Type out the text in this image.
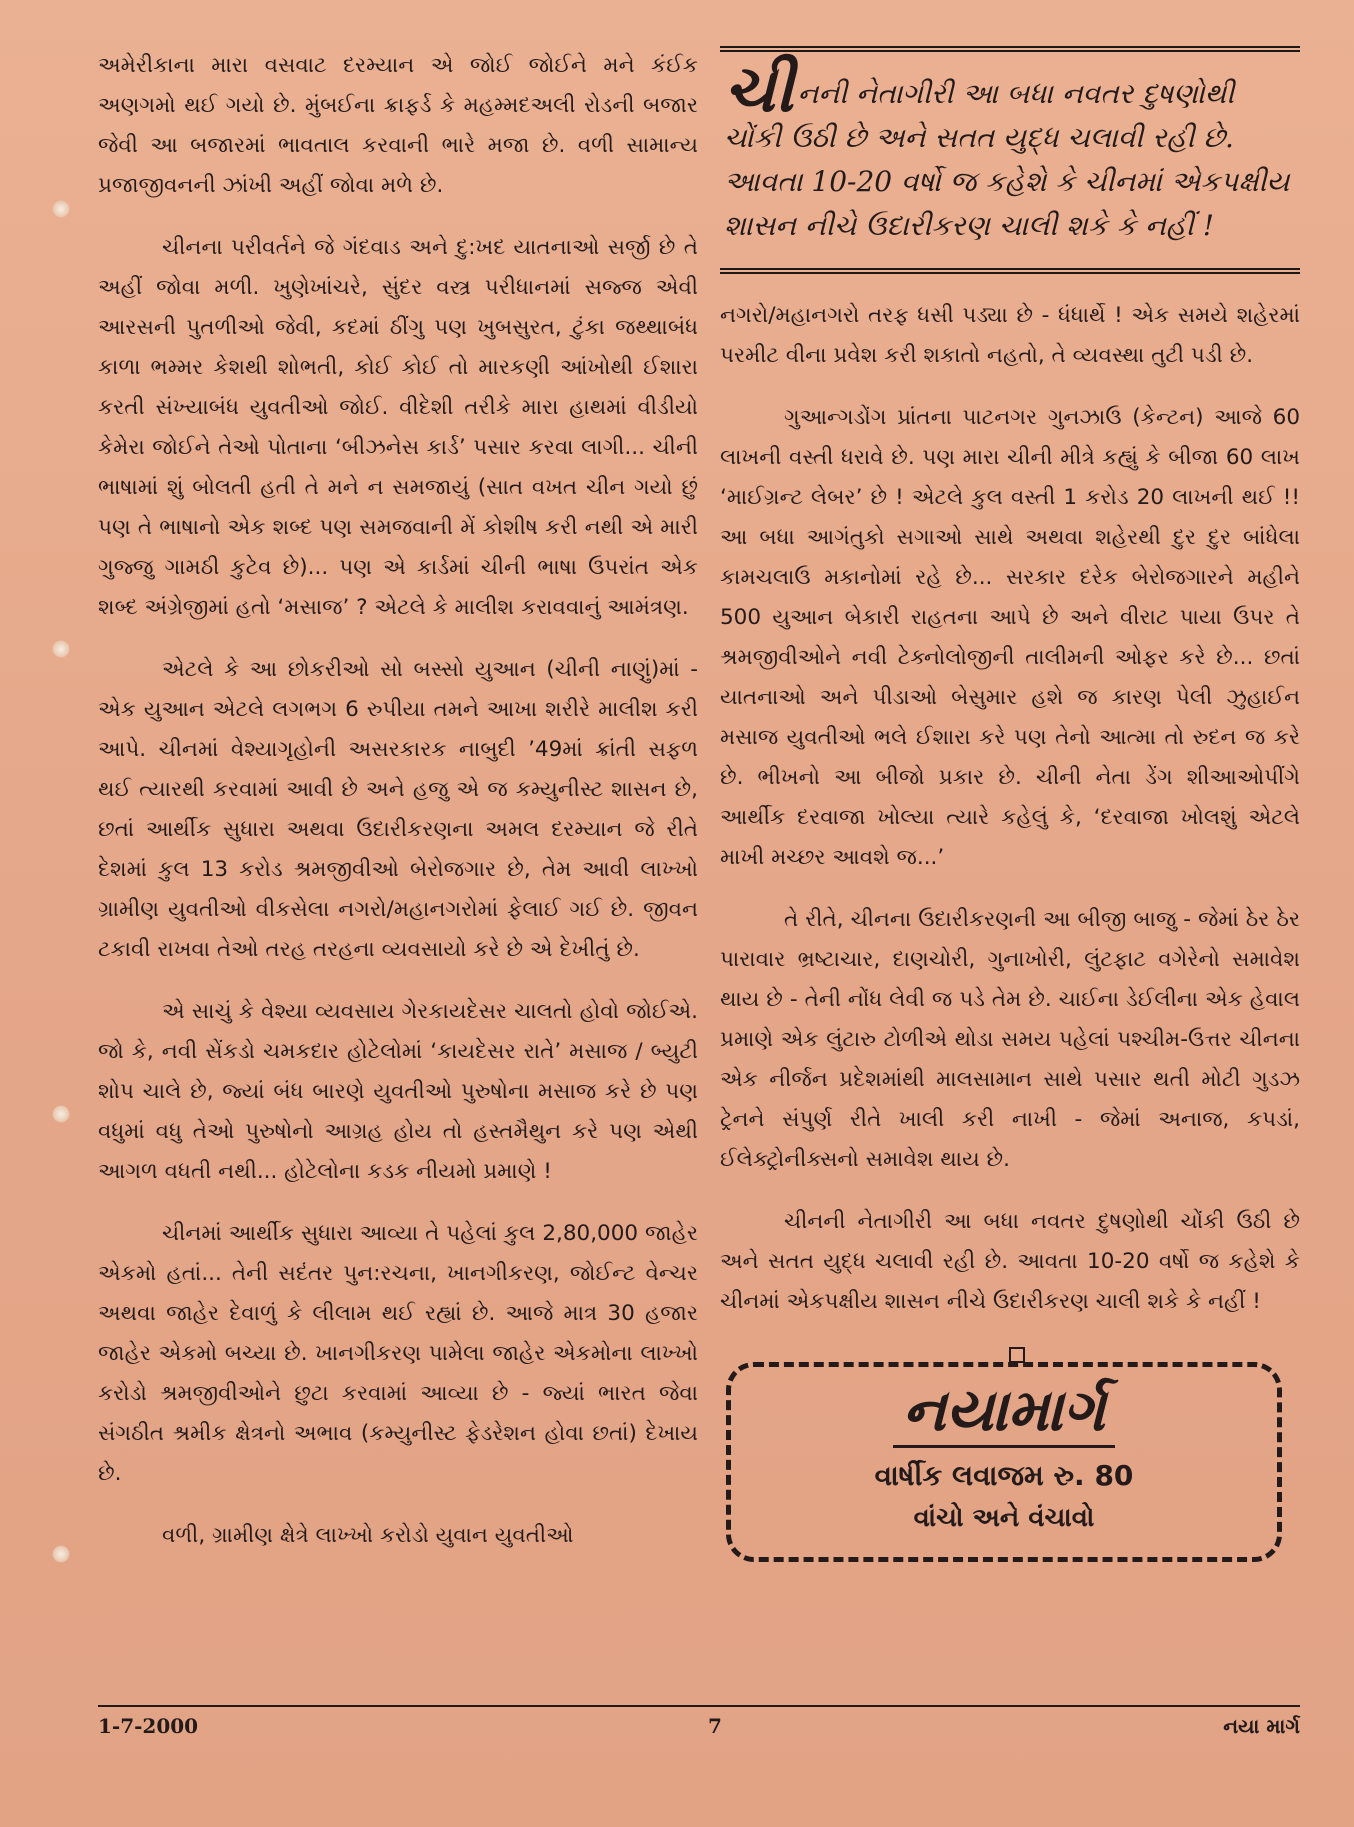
અમેરીકાના મારા વસવાટ દરમ્યાન એ જોઈ જોઈને મને કંઈક અણગમો થઈ ગયો છે. મુંબઈના ક્રાફર્ડ કે મહમ્મદઅલી રોડની બજાર જેવી આ બજારમાં ભાવતાલ કરવાની ભારે મજા છે. વળી સામાન્ય પ્રજાજીવનની ઝાંખી અહીં જોવા મળે છે.

ચીનના પરીવર્તને જે ગંદવાડ અને દુ:ખદ યાતનાઓ સર્જી છે તે અહીં જોવા મળી. ખુણેખાંચરે, સુંદર વસ્ત્ર પરીધાનમાં સજ્જ એવી આરસની પુતળીઓ જેવી, કદમાં ઠીંગુ પણ ખુબસુરત, ટુંકા જથ્થાબંધ કાળા ભમ્મર કેશથી શોભતી, કોઈ કોઈ તો મારકણી આંખોથી ઈશારા કરતી સંખ્યાબંધ યુવતીઓ જોઈ. વીદેશી તરીકે મારા હાથમાં વીડીયો કેમેરા જોઈને તેઓ પોતાના ‘બીઝનેસ કાર્ડ’ પસાર કરવા લાગી... ચીની ભાષામાં શું બોલતી હતી તે મને ન સમજાયું (સાત વખત ચીન ગયો છું પણ તે ભાષાનો એક શબ્દ પણ સમજવાની મેં કોશીષ કરી નથી એ મારી ગુજ્જુ ગામઠી કુટેવ છે)... પણ એ કાર્ડમાં ચીની ભાષા ઉપરાંત એક શબ્દ અંગ્રેજીમાં હતો ‘મસાજ’ ? એટલે કે માલીશ કરાવવાનું આમંત્રણ.

એટલે કે આ છોકરીઓ સો બસ્સો યુઆન (ચીની નાણું)માં - એક યુઆન એટલે લગભગ 6 રુપીયા તમને આખા શરીરે માલીશ કરી આપે. ચીનમાં વેશ્યાગૃહોની અસરકારક નાબુદી ’49માં ક્રાંતી સફળ થઈ ત્યારથી કરવામાં આવી છે અને હજુ એ જ કમ્યુનીસ્ટ શાસન છે, છતાં આર્થીક સુધારા અથવા ઉદારીકરણના અમલ દરમ્યાન જે રીતે દેશમાં કુલ 13 કરોડ શ્રમજીવીઓ બેરોજગાર છે, તેમ આવી લાખ્ખો ગ્રામીણ યુવતીઓ વીકસેલા નગરો/મહાનગરોમાં ફેલાઈ ગઈ છે. જીવન ટકાવી રાખવા તેઓ તરહ તરહના વ્યવસાયો કરે છે એ દેખીતું છે.

એ સાચું કે વેશ્યા વ્યવસાય ગેરકાયદેસર ચાલતો હોવો જોઈએ. જો કે, નવી સેંકડો ચમકદાર હોટેલોમાં ‘કાયદેસર રાતે’ મસાજ / બ્યુટી શોપ ચાલે છે, જ્યાં બંધ બારણે યુવતીઓ પુરુષોના મસાજ કરે છે પણ વધુમાં વધુ તેઓ પુરુષોનો આગ્રહ હોય તો હસ્તમૈથુન કરે પણ એથી આગળ વધતી નથી... હોટેલોના કડક નીયમો પ્રમાણે !

ચીનમાં આર્થીક સુધારા આવ્યા તે પહેલાં કુલ 2,80,000 જાહેર એકમો હતાં... તેની સદંતર પુન:રચના, ખાનગીકરણ, જોઈન્ટ વેન્ચર અથવા જાહેર દેવાળું કે લીલામ થઈ રહ્યાં છે. આજે માત્ર 30 હજાર જાહેર એકમો બચ્યા છે. ખાનગીકરણ પામેલા જાહેર એકમોના લાખ્ખો કરોડો શ્રમજીવીઓને છુટા કરવામાં આવ્યા છે - જ્યાં ભારત જેવા સંગઠીત શ્રમીક ક્ષેત્રનો અભાવ (કમ્યુનીસ્ટ ફેડરેશન હોવા છતાં) દેખાય છે.

વળી, ગ્રામીણ ક્ષેત્રે લાખ્ખો કરોડો યુવાન યુવતીઓ

ચીનની નેતાગીરી આ બધા નવતર દુષણોથી ચોંકી ઉઠી છે અને સતત યુદ્ધ ચલાવી રહી છે. આવતા 10-20 વર્ષો જ કહેશે કે ચીનમાં એકપક્ષીય શાસન નીચે ઉદારીકરણ ચાલી શકે કે નહીં !

નગરો/મહાનગરો તરફ ધસી પડ્યા છે - ધંધાર્થે ! એક સમયે શહેરમાં પરમીટ વીના પ્રવેશ કરી શકાતો નહતો, તે વ્યવસ્થા તુટી પડી છે.

ગુઆન્ગડોંગ પ્રાંતના પાટનગર ગુનઝાઉ (કેન્ટન) આજે 60 લાખની વસ્તી ધરાવે છે. પણ મારા ચીની મીત્રે કહ્યું કે બીજા 60 લાખ ‘માઈગ્રન્ટ લેબર’ છે ! એટલે કુલ વસ્તી 1 કરોડ 20 લાખની થઈ !! આ બધા આગંતુકો સગાઓ સાથે અથવા શહેરથી દુર દુર બાંધેલા કામચલાઉ મકાનોમાં રહે છે... સરકાર દરેક બેરોજગારને મહીને 500 યુઆન બેકારી રાહતના આપે છે અને વીરાટ પાયા ઉપર તે શ્રમજીવીઓને નવી ટેક્નોલોજીની તાલીમની ઓફર કરે છે... છતાં યાતનાઓ અને પીડાઓ બેસુમાર હશે જ કારણ પેલી ઝુહાઈન મસાજ યુવતીઓ ભલે ઈશારા કરે પણ તેનો આત્મા તો રુદન જ કરે છે. ભીખનો આ બીજો પ્રકાર છે. ચીની નેતા ડેંગ શીઆઓપીંગે આર્થીક દરવાજા ખોલ્યા ત્યારે કહેલું કે, ‘દરવાજા ખોલશું એટલે માખી મચ્છર આવશે જ...’

તે રીતે, ચીનના ઉદારીકરણની આ બીજી બાજુ - જેમાં ઠેર ઠેર પારાવાર ભ્રષ્ટાચાર, દાણચોરી, ગુનાખોરી, લુંટફાટ વગેરેનો સમાવેશ થાય છે - તેની નોંધ લેવી જ પડે તેમ છે. ચાઈના ડેઈલીના એક હેવાલ પ્રમાણે એક લુંટારુ ટોળીએ થોડા સમય પહેલાં પશ્ચીમ-ઉત્તર ચીનના એક નીર્જન પ્રદેશમાંથી માલસામાન સાથે પસાર થતી મોટી ગુડઝ ટ્રેનને સંપુર્ણ રીતે ખાલી કરી નાખી - જેમાં અનાજ, કપડાં, ઈલેક્ટ્રોનીક્સનો સમાવેશ થાય છે.

ચીનની નેતાગીરી આ બધા નવતર દુષણોથી ચોંકી ઉઠી છે અને સતત યુદ્ધ ચલાવી રહી છે. આવતા 10-20 વર્ષો જ કહેશે કે ચીનમાં એકપક્ષીય શાસન નીચે ઉદારીકરણ ચાલી શકે કે નહીં !

નયામાર્ગ
વાર્ષીક લવાજમ રુ. 80
વાંચો અને વંચાવો
1-7-2000	7	નયા માર્ગ
